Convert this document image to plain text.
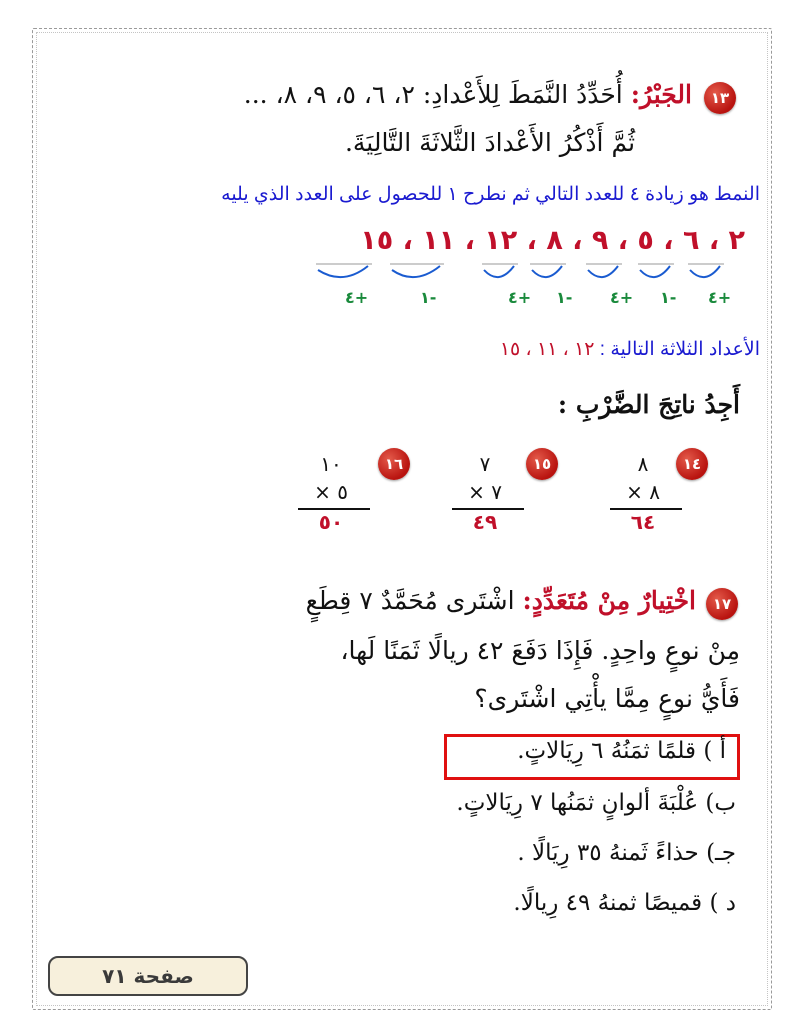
١٣
الجَبْرُ: أُحَدِّدُ النَّمَطَ لِلأَعْدادِ: ٢، ٦، ٥، ٩، ٨، ...
ثُمَّ أَذْكُرُ الأَعْدادَ الثَّلاثَةَ التَّالِيَةَ.
النمط هو زيادة ٤ للعدد التالي ثم نطرح ١ للحصول على العدد الذي يليه
٢ ، ٦ ، ٥ ، ٩ ، ٨ ، ١٢ ، ١١ ، ١٥
٤+
١-
٤+
١-
٤+
١-
٤+
الأعداد الثلاثة التالية : ١٢ ، ١١ ، ١٥
أَجِدُ ناتِجَ الضَّرْبِ :
١٤
٨
× ٨
٦٤
١٥
٧
× ٧
٤٩
١٦
١٠
× ٥
٥٠
١٧
اخْتِيارٌ مِنْ مُتَعَدِّدٍ: اشْتَرى مُحَمَّدٌ ٧ قِطَعٍ
مِنْ نوعٍ واحِدٍ. فَإِذَا دَفَعَ ٤٢ ريالًا ثَمَنًا لَها،
فَأَيُّ نوعٍ مِمَّا يأْتِي اشْتَرى؟
أ ) قلمًا ثمَنُهُ ٦ رِيَالاتٍ.
ب) عُلْبَةَ ألوانٍ ثمَنُها ٧ رِيَالاتٍ.
جـ) حذاءً ثَمنهُ ٣٥ رِيَالًا .
د ) قميصًا ثمنهُ ٤٩ رِيالًا.
صفحة ٧١
